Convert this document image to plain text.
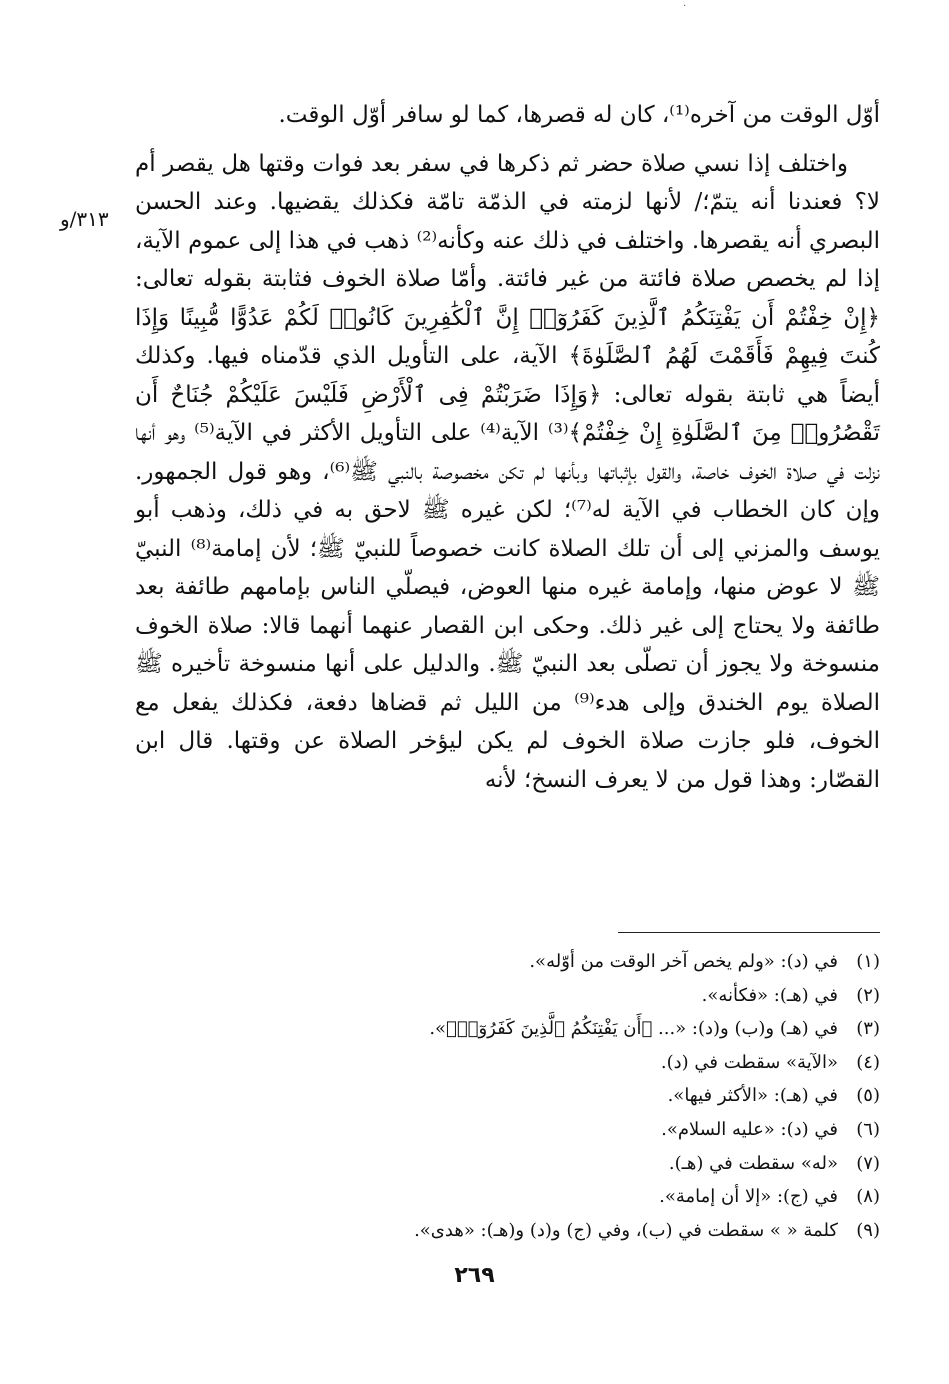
·
٣١٣/و

أوّل الوقت من آخره⁽¹⁾، كان له قصرها، كما لو سافر أوّل الوقت.

واختلف إذا نسي صلاة حضر ثم ذكرها في سفر بعد فوات وقتها هل يقصر أم لا؟ فعندنا أنه يتمّ؛/ لأنها لزمته في الذمّة تامّة فكذلك يقضيها. وعند الحسن البصري أنه يقصرها. واختلف في ذلك عنه وكأنه⁽²⁾ ذهب في هذا إلى عموم الآية، إذا لم يخصص صلاة فائتة من غير فائتة. وأمّا صلاة الخوف فثابتة بقوله تعالى: ﴿إِنْ خِفْتُمْ أَن يَفْتِنَكُمُ ٱلَّذِينَ كَفَرُوٓا۟ إِنَّ ٱلْكَٰفِرِينَ كَانُوا۟ لَكُمْ عَدُوًّا مُّبِينًا وَإِذَا كُنتَ فِيهِمْ فَأَقَمْتَ لَهُمُ ٱلصَّلَوٰةَ﴾ الآية، على التأويل الذي قدّمناه فيها. وكذلك أيضاً هي ثابتة بقوله تعالى: ﴿وَإِذَا ضَرَبْتُمْ فِى ٱلْأَرْضِ فَلَيْسَ عَلَيْكُمْ جُنَاحٌ أَن تَقْصُرُوا۟ مِنَ ٱلصَّلَوٰةِ إِنْ خِفْتُمْ﴾⁽³⁾ الآية⁽⁴⁾ على التأويل الأكثر في الآية⁽⁵⁾ وهو أنها نزلت في صلاة الخوف خاصة، والقول بإثباتها وبأنها لم تكن مخصوصة بالنبي ﷺ⁽⁶⁾، وهو قول الجمهور. وإن كان الخطاب في الآية له⁽⁷⁾؛ لكن غيره ﷺ لاحق به في ذلك، وذهب أبو يوسف والمزني إلى أن تلك الصلاة كانت خصوصاً للنبيّ ﷺ؛ لأن إمامة⁽⁸⁾ النبيّ ﷺ لا عوض منها، وإمامة غيره منها العوض، فيصلّي الناس بإمامهم طائفة بعد طائفة ولا يحتاج إلى غير ذلك. وحكى ابن القصار عنهما أنهما قالا: صلاة الخوف منسوخة ولا يجوز أن تصلّى بعد النبيّ ﷺ. والدليل على أنها منسوخة تأخيره ﷺ الصلاة يوم الخندق وإلى هدء⁽⁹⁾ من الليل ثم قضاها دفعة، فكذلك يفعل مع الخوف، فلو جازت صلاة الخوف لم يكن ليؤخر الصلاة عن وقتها. قال ابن القصّار: وهذا قول من لا يعرف النسخ؛ لأنه

(١)
في (د): «ولم يخص آخر الوقت من أوّله».
(٢)
في (هـ): «فكأنه».
(٣)
في (هـ) و(ب) و(د): «... ﴿أَن يَفْتِنَكُمُ ٱلَّذِينَ كَفَرُوٓا۟﴾».
(٤)
«الآية» سقطت في (د).
(٥)
في (هـ): «الأكثر فيها».
(٦)
في (د): «عليه السلام».
(٧)
«له» سقطت في (هـ).
(٨)
في (ج): «إلا أن إمامة».
(٩)
كلمة « » سقطت في (ب)، وفي (ج) و(د) و(هـ): «هدى».
٢٦٩
